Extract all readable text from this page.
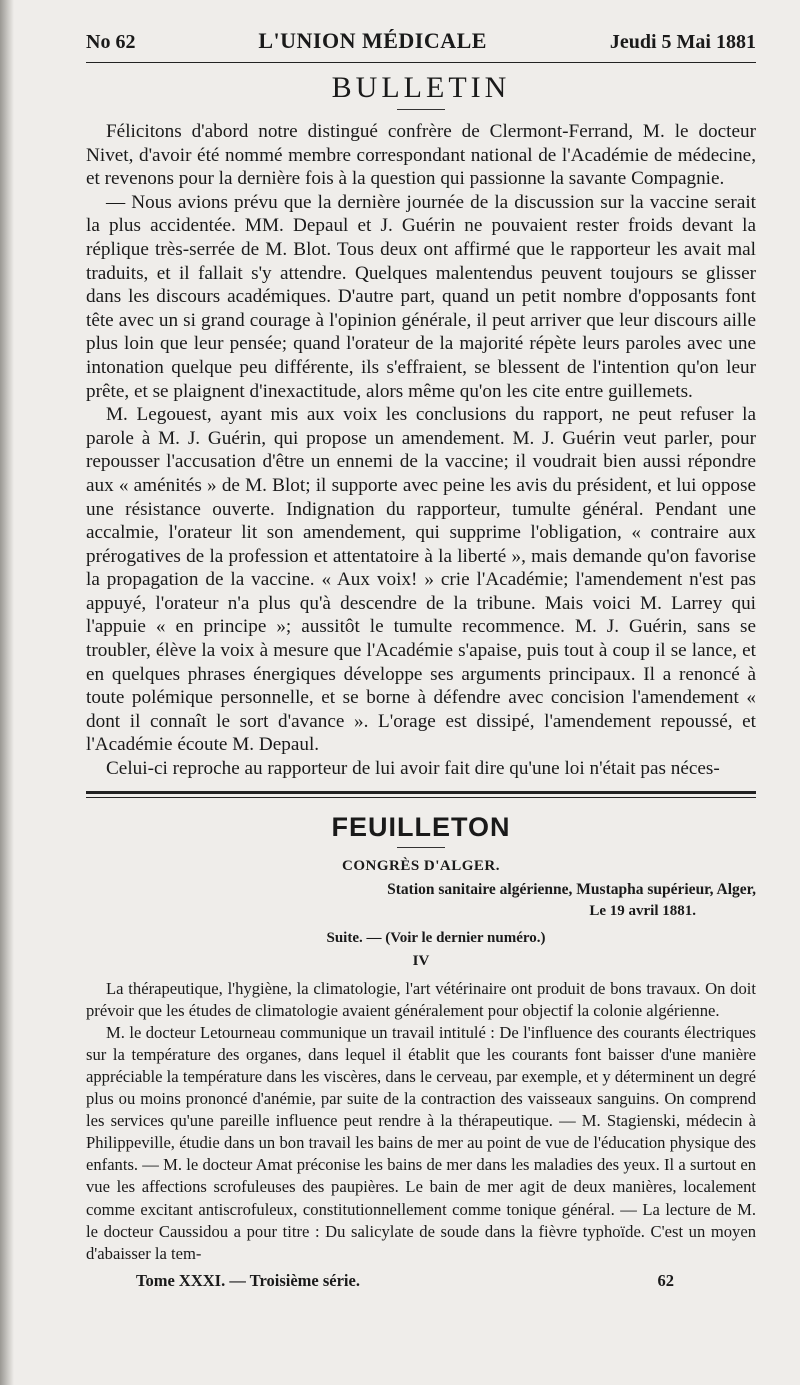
No 62	L'UNION MÉDICALE	Jeudi 5 Mai 1881
BULLETIN

Félicitons d'abord notre distingué confrère de Clermont-Ferrand, M. le docteur Nivet, d'avoir été nommé membre correspondant national de l'Académie de médecine, et revenons pour la dernière fois à la question qui passionne la savante Compagnie.

— Nous avions prévu que la dernière journée de la discussion sur la vaccine serait la plus accidentée. MM. Depaul et J. Guérin ne pouvaient rester froids devant la réplique très-serrée de M. Blot. Tous deux ont affirmé que le rapporteur les avait mal traduits, et il fallait s'y attendre. Quelques malentendus peuvent toujours se glisser dans les discours académiques. D'autre part, quand un petit nombre d'opposants font tête avec un si grand courage à l'opinion générale, il peut arriver que leur discours aille plus loin que leur pensée; quand l'orateur de la majorité répète leurs paroles avec une intonation quelque peu différente, ils s'effraient, se blessent de l'intention qu'on leur prête, et se plaignent d'inexactitude, alors même qu'on les cite entre guillemets.

M. Legouest, ayant mis aux voix les conclusions du rapport, ne peut refuser la parole à M. J. Guérin, qui propose un amendement. M. J. Guérin veut parler, pour repousser l'accusation d'être un ennemi de la vaccine; il voudrait bien aussi répondre aux « aménités » de M. Blot; il supporte avec peine les avis du président, et lui oppose une résistance ouverte. Indignation du rapporteur, tumulte général. Pendant une accalmie, l'orateur lit son amendement, qui supprime l'obligation, « contraire aux prérogatives de la profession et attentatoire à la liberté », mais demande qu'on favorise la propagation de la vaccine. « Aux voix! » crie l'Académie; l'amendement n'est pas appuyé, l'orateur n'a plus qu'à descendre de la tribune. Mais voici M. Larrey qui l'appuie « en principe »; aussitôt le tumulte recommence. M. J. Guérin, sans se troubler, élève la voix à mesure que l'Académie s'apaise, puis tout à coup il se lance, et en quelques phrases énergiques développe ses arguments principaux. Il a renoncé à toute polémique personnelle, et se borne à défendre avec concision l'amendement « dont il connaît le sort d'avance ». L'orage est dissipé, l'amendement repoussé, et l'Académie écoute M. Depaul.

Celui-ci reproche au rapporteur de lui avoir fait dire qu'une loi n'était pas néces-

FEUILLETON
CONGRÈS D'ALGER.
Station sanitaire algérienne, Mustapha supérieur, Alger,
Le 19 avril 1881.
Suite. — (Voir le dernier numéro.)
IV

La thérapeutique, l'hygiène, la climatologie, l'art vétérinaire ont produit de bons travaux. On doit prévoir que les études de climatologie avaient généralement pour objectif la colonie algérienne.

M. le docteur Letourneau communique un travail intitulé : De l'influence des courants électriques sur la température des organes, dans lequel il établit que les courants font baisser d'une manière appréciable la température dans les viscères, dans le cerveau, par exemple, et y déterminent un degré plus ou moins prononcé d'anémie, par suite de la contraction des vaisseaux sanguins. On comprend les services qu'une pareille influence peut rendre à la thérapeutique. — M. Stagienski, médecin à Philippeville, étudie dans un bon travail les bains de mer au point de vue de l'éducation physique des enfants. — M. le docteur Amat préconise les bains de mer dans les maladies des yeux. Il a surtout en vue les affections scrofuleuses des paupières. Le bain de mer agit de deux manières, localement comme excitant antiscrofuleux, constitutionnellement comme tonique général. — La lecture de M. le docteur Caussidou a pour titre : Du salicylate de soude dans la fièvre typhoïde. C'est un moyen d'abaisser la tem-

Tome XXXI. — Troisième série.	62
